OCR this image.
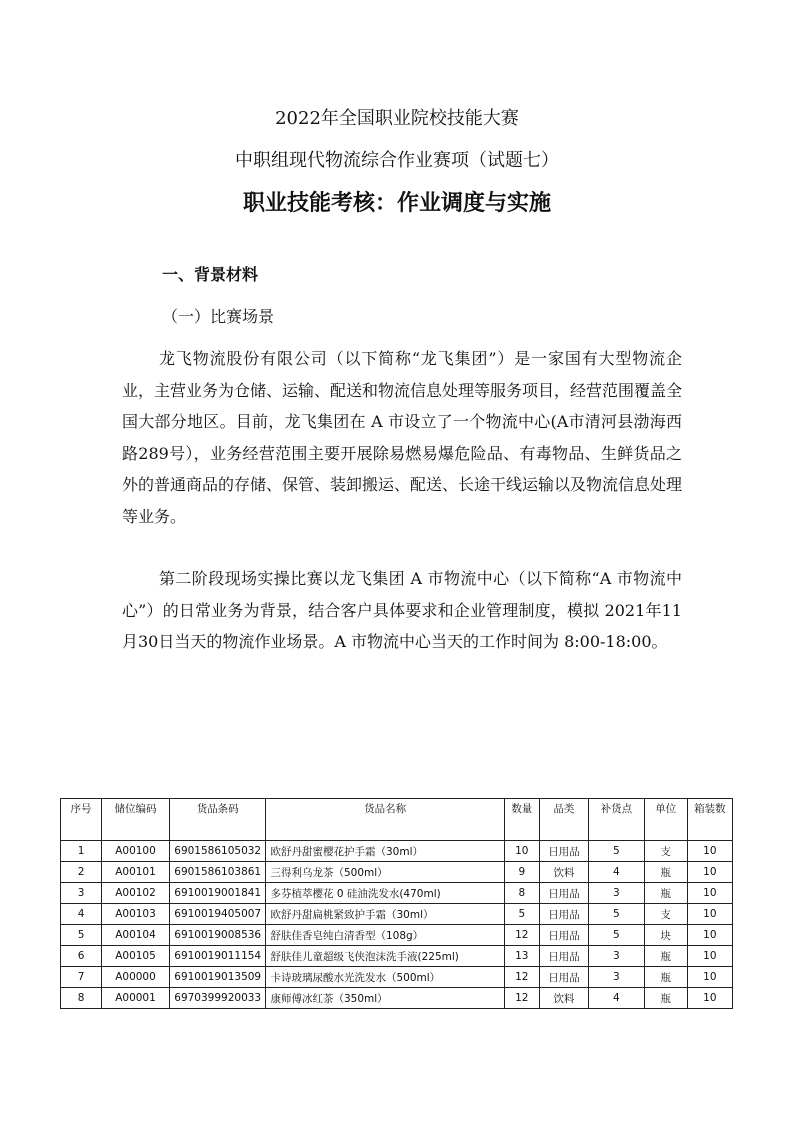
2022年全国职业院校技能大赛
中职组现代物流综合作业赛项（试题七）
职业技能考核：作业调度与实施
一、背景材料
（一）比赛场景

龙飞物流股份有限公司（以下简称“龙飞集团”）是一家国有大型物流企业，主营业务为仓储、运输、配送和物流信息处理等服务项目，经营范围覆盖全国大部分地区。目前，龙飞集团在 A 市设立了一个物流中心(A市清河县渤海西路289号），业务经营范围主要开展除易燃易爆危险品、有毒物品、生鲜货品之外的普通商品的存储、保管、装卸搬运、配送、长途干线运输以及物流信息处理等业务。

第二阶段现场实操比赛以龙飞集团 A 市物流中心（以下简称“A 市物流中心”）的日常业务为背景，结合客户具体要求和企业管理制度，模拟 2021年11月30日当天的物流作业场景。A 市物流中心当天的工作时间为 8:00-18:00。

序号	储位编码	货品条码	货品名称	数量	品类	补货点	单位	箱装数
1	A00100	6901586105032	欧舒丹甜蜜樱花护手霜（30ml）	10	日用品	5	支	10
2	A00101	6901586103861	三得利乌龙茶（500ml）	9	饮料	4	瓶	10
3	A00102	6910019001841	多芬植萃樱花 0 硅油洗发水(470ml)	8	日用品	3	瓶	10
4	A00103	6910019405007	欧舒丹甜扁桃紧致护手霜（30ml）	5	日用品	5	支	10
5	A00104	6910019008536	舒肤佳香皂纯白清香型（108g）	12	日用品	5	块	10
6	A00105	6910019011154	舒肤佳儿童超级飞侠泡沫洗手液(225ml)	13	日用品	3	瓶	10
7	A00000	6910019013509	卡诗玻璃尿酸水光洗发水（500ml）	12	日用品	3	瓶	10
8	A00001	6970399920033	康师傅冰红茶（350ml）	12	饮料	4	瓶	10
